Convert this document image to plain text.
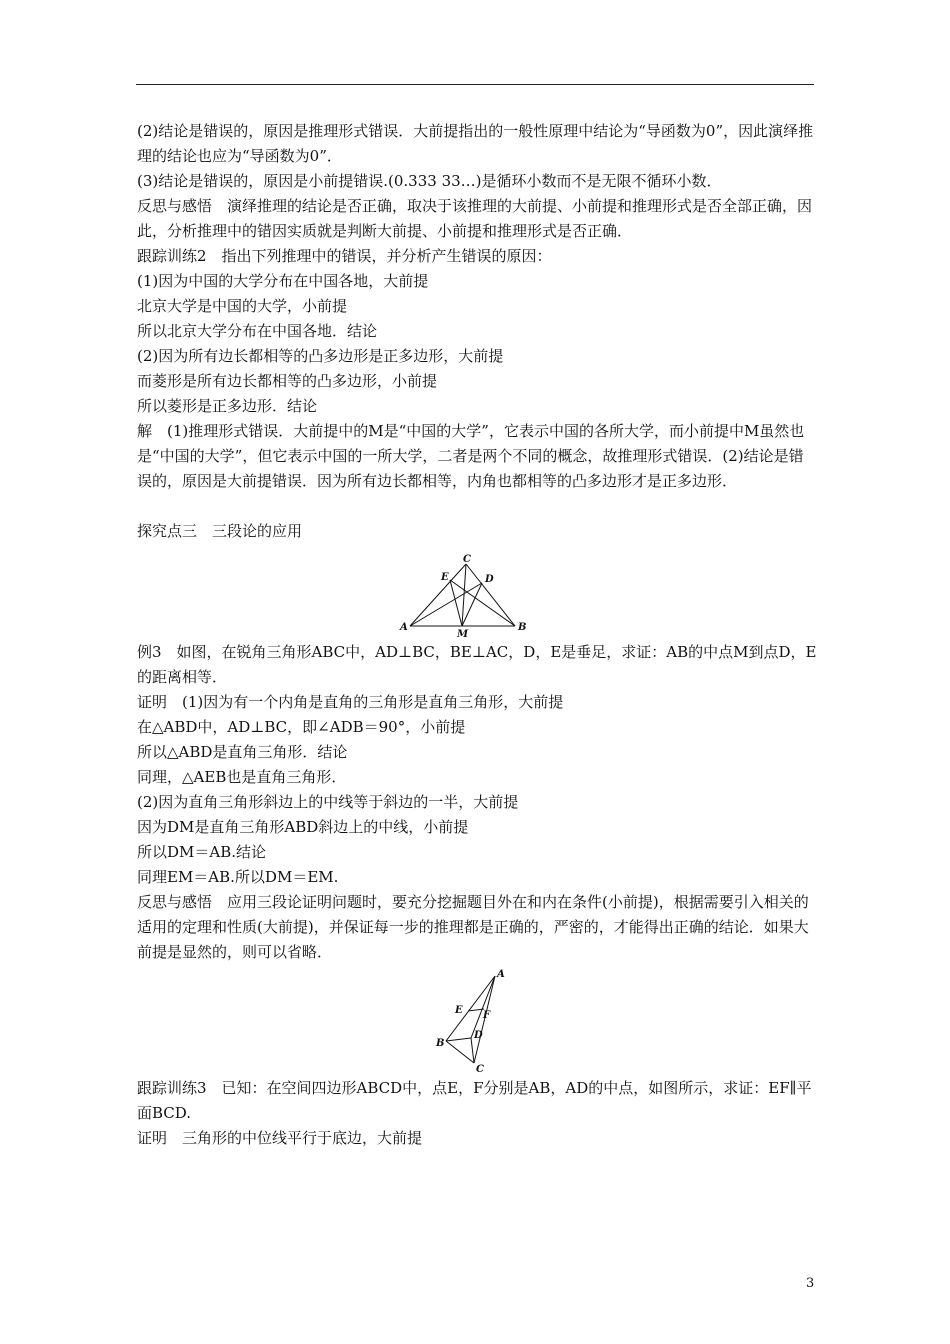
(2)结论是错误的，原因是推理形式错误．大前提指出的一般性原理中结论为“导函数为0”，因此演绎推理的结论也应为“导函数为0”．

(3)结论是错误的，原因是小前提错误.(0.333 33…)是循环小数而不是无限不循环小数．

反思与感悟　演绎推理的结论是否正确，取决于该推理的大前提、小前提和推理形式是否全部正确，因此，分析推理中的错因实质就是判断大前提、小前提和推理形式是否正确．

跟踪训练2　指出下列推理中的错误，并分析产生错误的原因：

(1)因为中国的大学分布在中国各地，大前提

北京大学是中国的大学，小前提

所以北京大学分布在中国各地．结论

(2)因为所有边长都相等的凸多边形是正多边形，大前提

而菱形是所有边长都相等的凸多边形，小前提

所以菱形是正多边形．结论

解　(1)推理形式错误．大前提中的M是“中国的大学”，它表示中国的各所大学，而小前提中M虽然也是“中国的大学”，但它表示中国的一所大学，二者是两个不同的概念，故推理形式错误．(2)结论是错误的，原因是大前提错误．因为所有边长都相等，内角也都相等的凸多边形才是正多边形．

探究点三　三段论的应用

C
E	D
A	B
M

例3　如图，在锐角三角形ABC中，AD⊥BC，BE⊥AC，D，E是垂足，求证：AB的中点M到点D，E的距离相等．

证明　(1)因为有一个内角是直角的三角形是直角三角形，大前提

在△ABD中，AD⊥BC，即∠ADB＝90°，小前提

所以△ABD是直角三角形．结论

同理，△AEB也是直角三角形．

(2)因为直角三角形斜边上的中线等于斜边的一半，大前提

因为DM是直角三角形ABD斜边上的中线，小前提

所以DM＝AB.结论

同理EM＝AB.所以DM＝EM.

反思与感悟　应用三段论证明问题时，要充分挖掘题目外在和内在条件(小前提)，根据需要引入相关的适用的定理和性质(大前提)，并保证每一步的推理都是正确的，严密的，才能得出正确的结论．如果大前提是显然的，则可以省略．

A
E F
D
B
C

跟踪训练3　已知：在空间四边形ABCD中，点E，F分别是AB，AD的中点，如图所示，求证：EF∥平面BCD.

证明　三角形的中位线平行于底边，大前提

3
